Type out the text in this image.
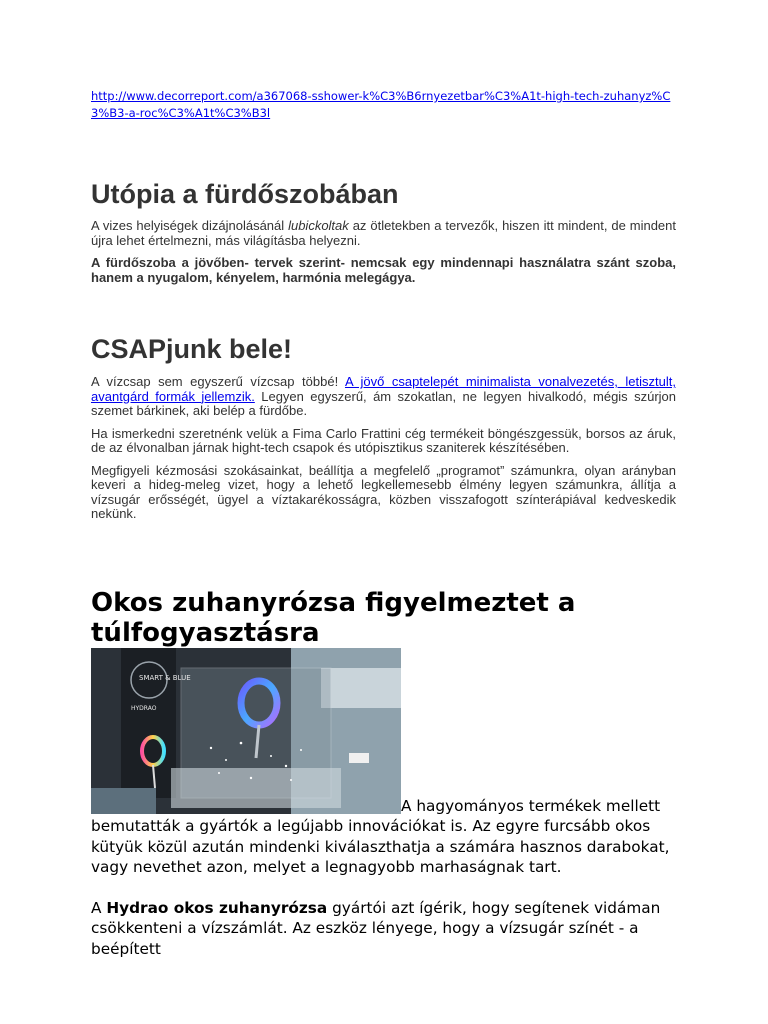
http://www.decorreport.com/a367068-sshower-k%C3%B6rnyezetbar%C3%A1t-high-tech-zuhanyz%C3%B3-a-roc%C3%A1t%C3%B3l

Utópia a fürdőszobában

A vizes helyiségek dizájnolásánál lubickoltak az ötletekben a tervezők, hiszen itt mindent, de mindent újra lehet értelmezni, más világításba helyezni.

A fürdőszoba a jövőben- tervek szerint- nemcsak egy mindennapi használatra szánt szoba, hanem a nyugalom, kényelem, harmónia melegágya.

CSAPjunk bele!

A vízcsap sem egyszerű vízcsap többé! A jövő csaptelepét minimalista vonalvezetés, letisztult, avantgárd formák jellemzik. Legyen egyszerű, ám szokatlan, ne legyen hivalkodó, mégis szúrjon szemet bárkinek, aki belép a fürdőbe.

Ha ismerkedni szeretnénk velük a Fima Carlo Frattini cég termékeit böngészgessük, borsos az áruk, de az élvonalban járnak hight-tech csapok és utópisztikus szaniterek készítésében.

Megfigyeli kézmosási szokásainkat, beállítja a megfelelő „programot” számunkra, olyan arányban keveri a hideg-meleg vizet, hogy a lehető legkellemesebb élmény legyen számunkra, állítja a vízsugár erősségét, ügyel a víztakarékosságra, közben visszafogott színterápiával kedveskedik nekünk.

Okos zuhanyrózsa figyelmeztet a túlfogyasztásra
SMART & BLUE
HYDRAO

A hagyományos termékek mellett bemutatták a gyártók a legújabb innovációkat is. Az egyre furcsább okos kütyük közül azután mindenki kiválaszthatja a számára hasznos darabokat, vagy nevethet azon, melyet a legnagyobb marhaságnak tart.

A Hydrao okos zuhanyrózsa gyártói azt ígérik, hogy segítenek vidáman csökkenteni a vízszámlát. Az eszköz lényege, hogy a vízsugár színét - a beépített
